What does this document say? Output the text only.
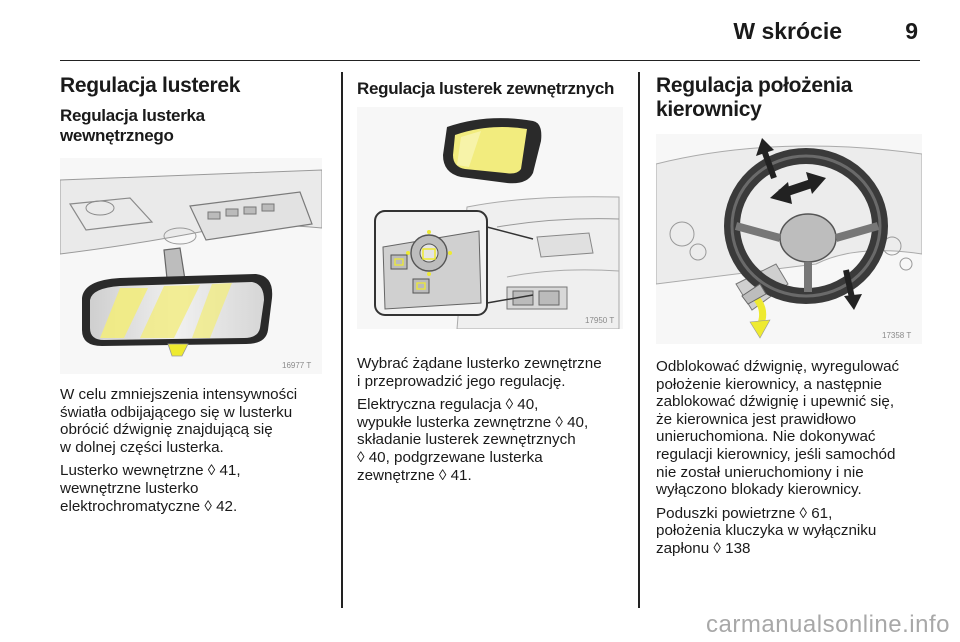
W skrócie	9
Regulacja lusterek
Regulacja lusterka
wewnętrznego
16977 T

W celu zmniejszenia intensywności
światła odbijającego się w lusterku
obrócić dźwignię znajdującą się
w dolnej części lusterka.

Lusterko wewnętrzne ◊ 41,
wewnętrzne lusterko
elektrochromatyczne ◊ 42.

Regulacja lusterek zewnętrznych
17950 T

Wybrać żądane lusterko zewnętrzne
i przeprowadzić jego regulację.

Elektryczna regulacja ◊ 40,
wypukłe lusterka zewnętrzne ◊ 40,
składanie lusterek zewnętrznych
◊ 40, podgrzewane lusterka
zewnętrzne ◊ 41.

Regulacja położenia
kierownicy
17358 T

Odblokować dźwignię, wyregulować
położenie kierownicy, a następnie
zablokować dźwignię i upewnić się,
że kierownica jest prawidłowo
unieruchomiona. Nie dokonywać
regulacji kierownicy, jeśli samochód
nie został unieruchomiony i nie
wyłączono blokady kierownicy.

Poduszki powietrzne ◊ 61,
położenia kluczyka w wyłączniku
zapłonu ◊ 138

carmanualsonline.info
